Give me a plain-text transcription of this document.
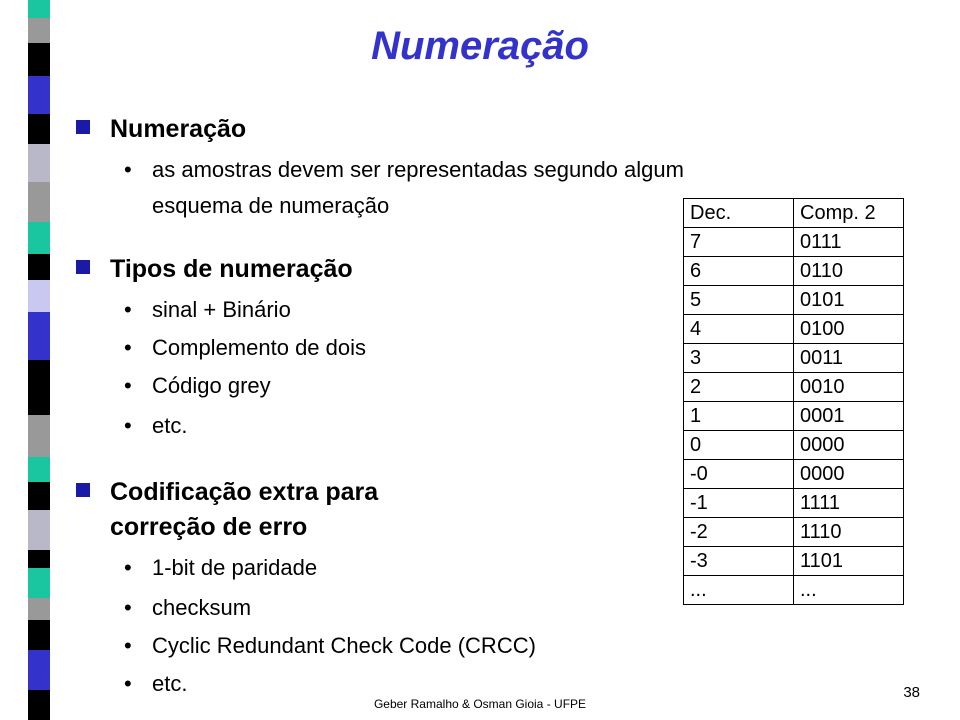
Numeração
Numeração
• as amostras devem ser representadas segundo algum
esquema de numeração
Tipos de numeração
• sinal + Binário
• Complemento de dois
• Código grey
• etc.
Codificação extra para
correção de erro
• 1-bit de paridade
• checksum
• Cyclic Redundant Check Code (CRCC)
• etc.
Dec.	Comp. 2
7	0111
6	0110
5	0101
4	0100
3	0011
2	0010
1	0001
0	0000
-0	0000
-1	1111
-2	1110
-3	1101
...	...
Geber Ramalho & Osman Gioia - UFPE
38
